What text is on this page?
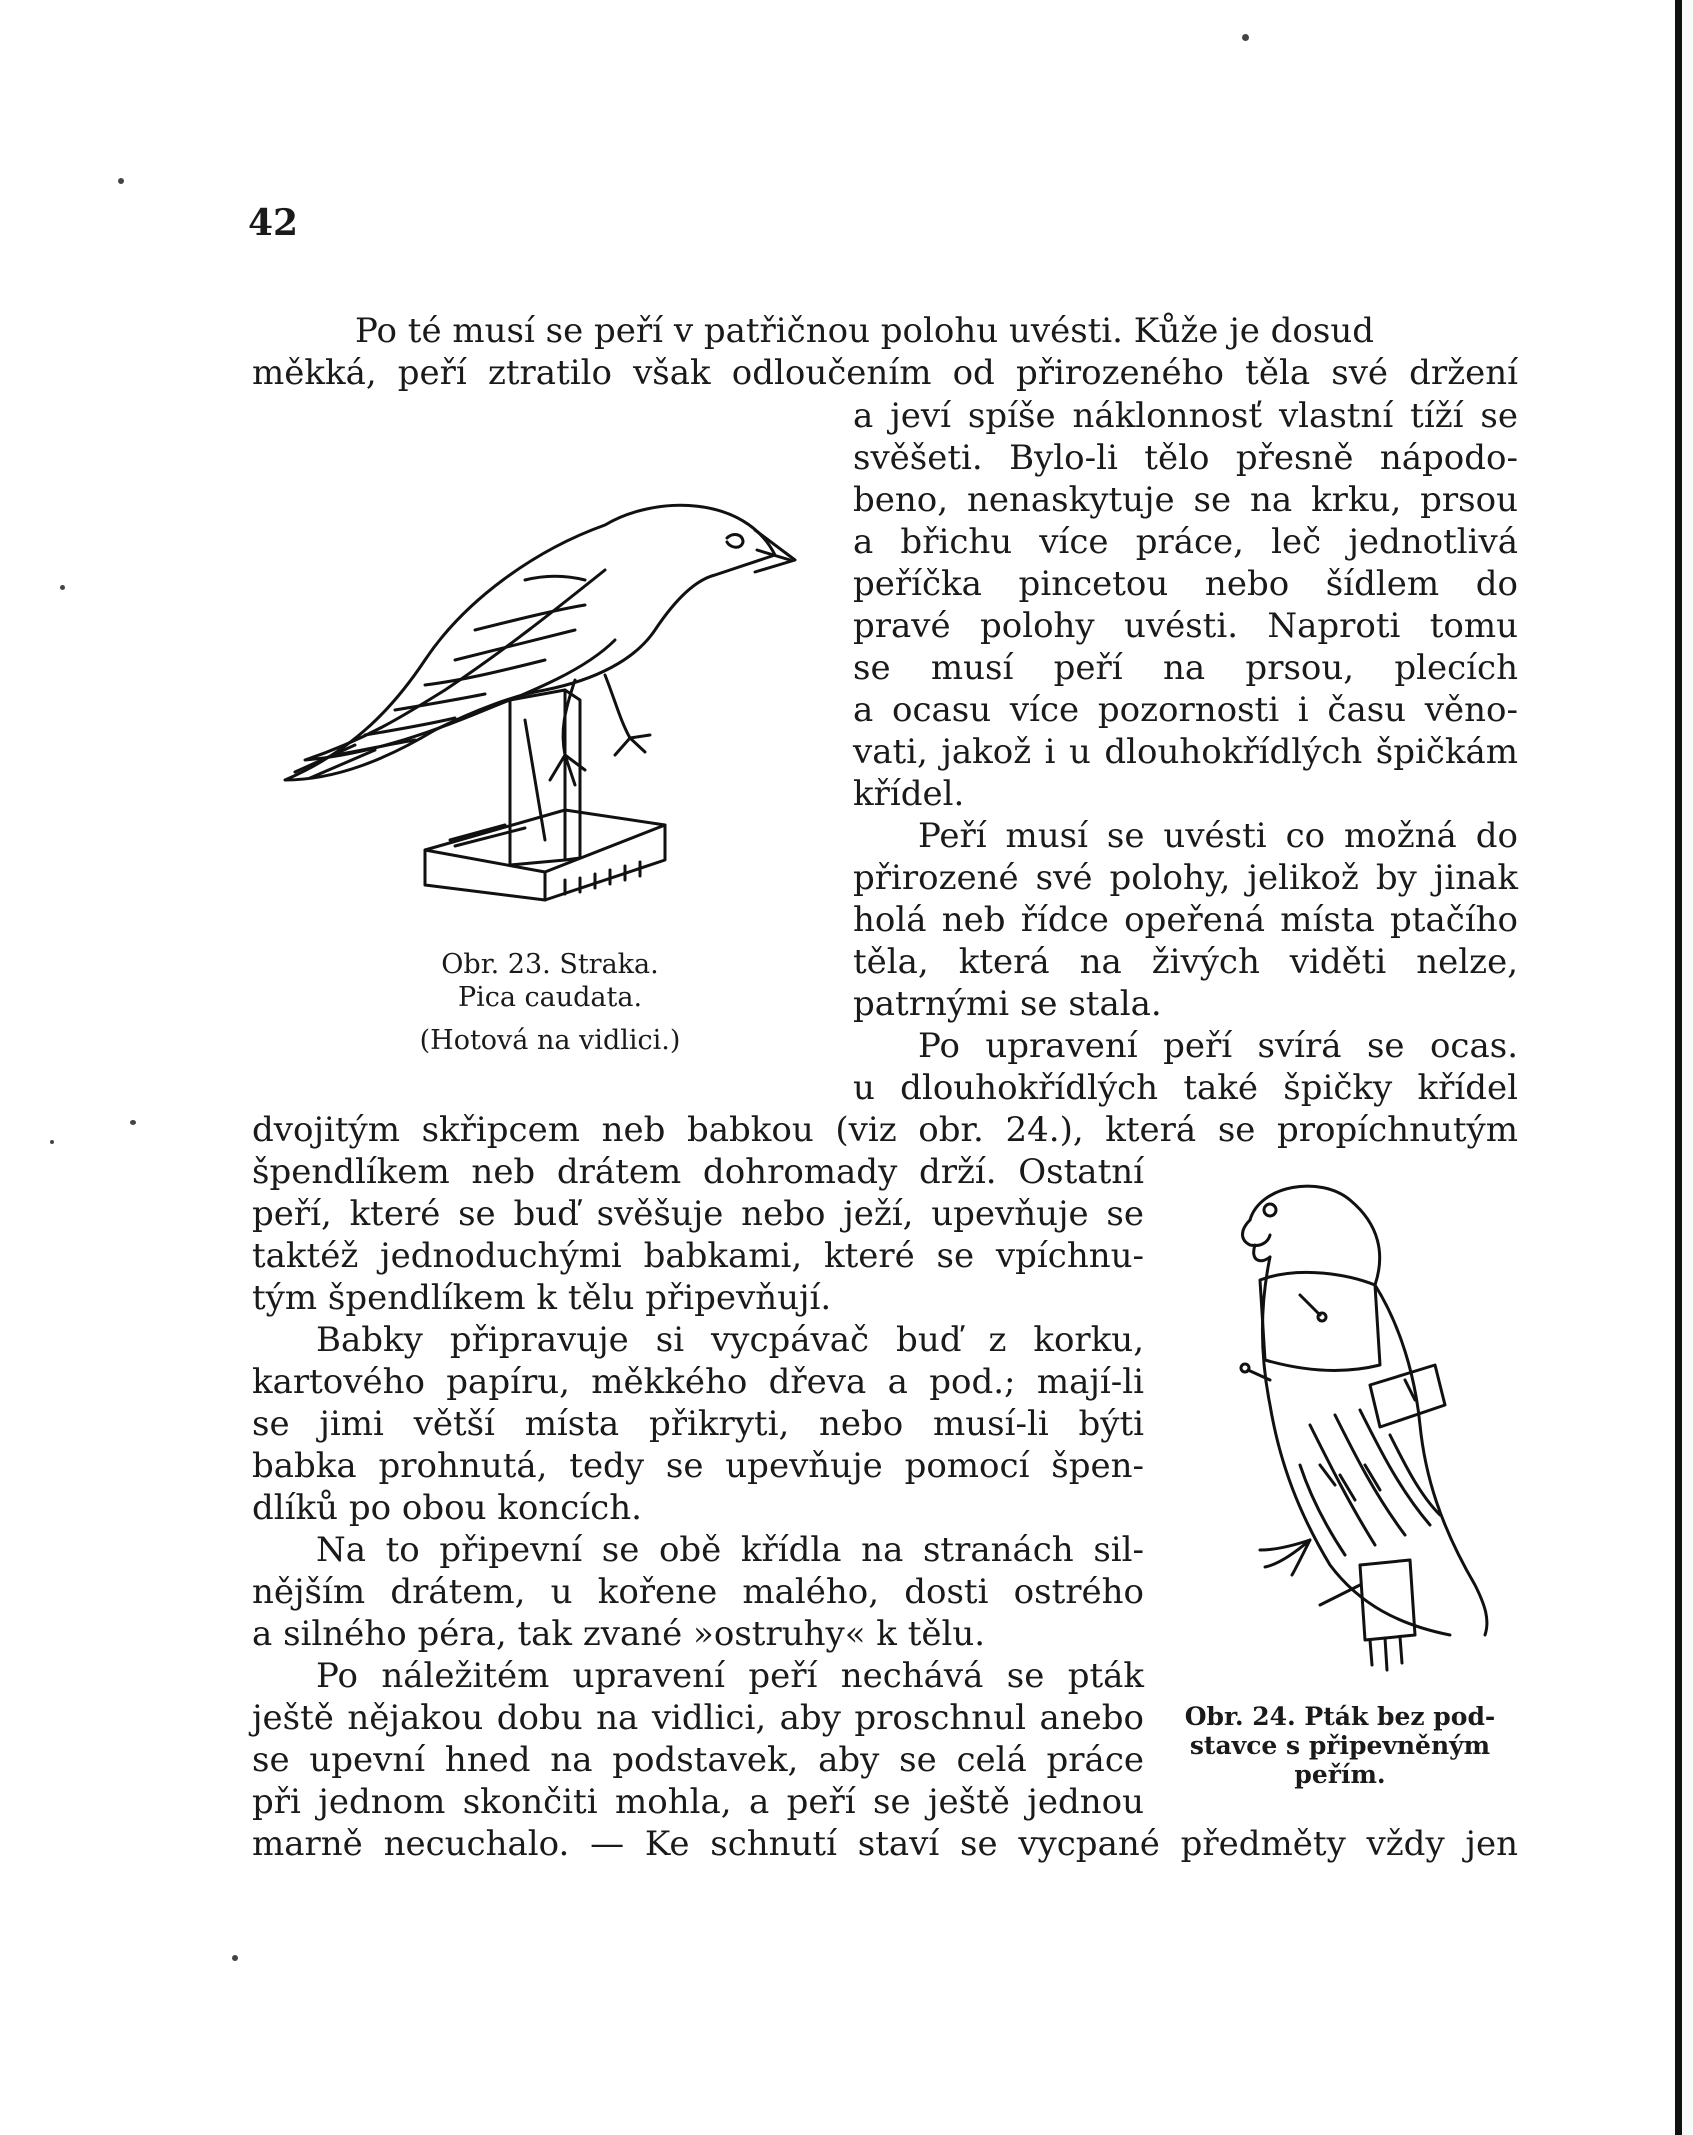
42
Po té musí se peří v patřičnou polohu uvésti. Kůže je dosud
měkká, peří ztratilo však odloučením od přirozeného těla své držení
a jeví spíše náklonnosť vlastní tíží se
svěšeti. Bylo-li tělo přesně nápodo-
beno, nenaskytuje se na krku, prsou
a břichu více práce, leč jednotlivá
peříčka pincetou nebo šídlem do
pravé polohy uvésti. Naproti tomu
se musí peří na prsou, plecích
a ocasu více pozornosti i času věno-
vati, jakož i u dlouhokřídlých špičkám
křídel.
Peří musí se uvésti co možná do
přirozené své polohy, jelikož by jinak
holá neb řídce opeřená místa ptačího
těla, která na živých viděti nelze,
patrnými se stala.
Po upravení peří svírá se ocas.
u dlouhokřídlých také špičky křídel
dvojitým skřipcem neb babkou (viz obr. 24.), která se propíchnutým
špendlíkem neb drátem dohromady drží. Ostatní
peří, které se buď svěšuje nebo ježí, upevňuje se
taktéž jednoduchými babkami, které se vpíchnu-
tým špendlíkem k tělu připevňují.
Babky připravuje si vycpávač buď z korku,
kartového papíru, měkkého dřeva a pod.; mají-li
se jimi větší místa přikryti, nebo musí-li býti
babka prohnutá, tedy se upevňuje pomocí špen-
dlíků po obou koncích.
Na to připevní se obě křídla na stranách sil-
nějším drátem, u kořene malého, dosti ostrého
a silného péra, tak zvané »ostruhy« k tělu.
Po náležitém upravení peří nechává se pták
ještě nějakou dobu na vidlici, aby proschnul anebo
se upevní hned na podstavek, aby se celá práce
při jednom skončiti mohla, a peří se ještě jednou
marně necuchalo. — Ke schnutí staví se vycpané předměty vždy jen
Obr. 23. Straka.
Pica caudata.
(Hotová na vidlici.)
Obr. 24. Pták bez pod-
stavce s připevněným
peřím.
